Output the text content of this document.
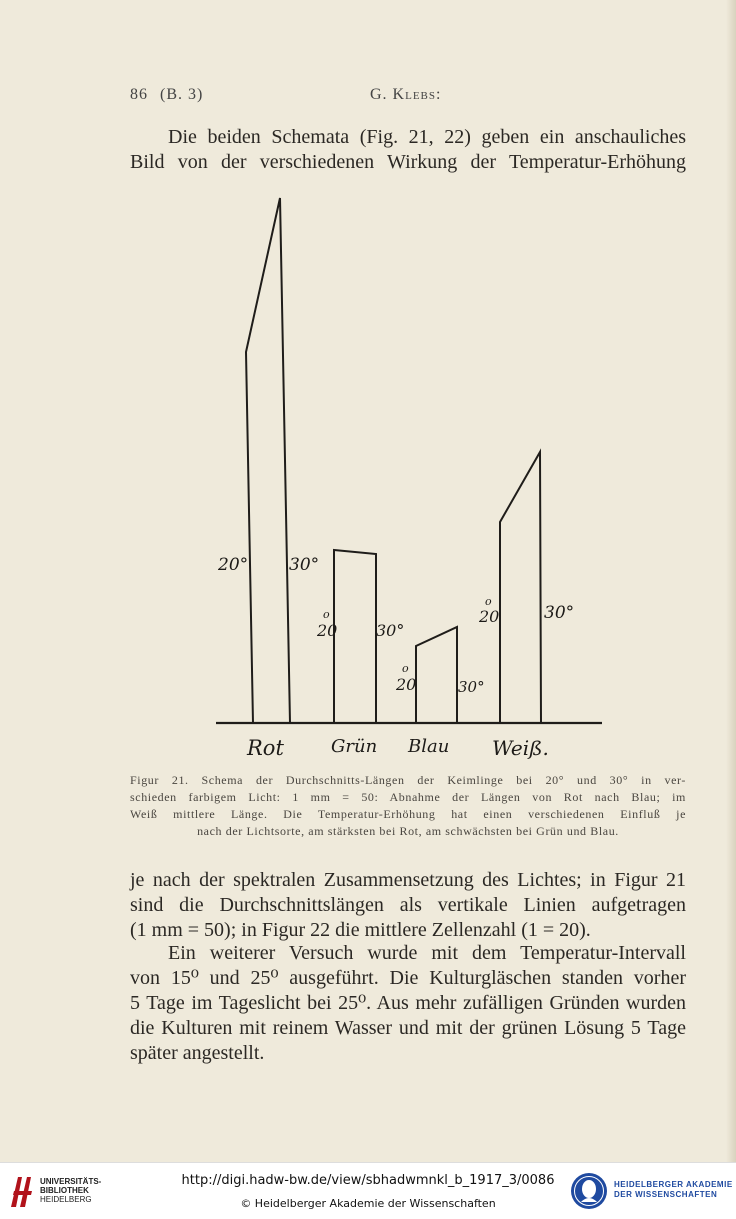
86 (B. 3)	G. Klebs:
Die beiden Schemata (Fig. 21, 22) geben ein anschauliches
Bild von der verschiedenen Wirkung der Temperatur-Erhöhung
20° 30°
o
20 30°
o
20	30°
o
20	30°
Rot	Grün Blau Weiß.
Figur 21. Schema der Durchschnitts-Längen der Keimlinge bei 20° und 30° in ver-
schieden farbigem Licht: 1 mm = 50: Abnahme der Längen von Rot nach Blau; im
Weiß mittlere Länge. Die Temperatur-Erhöhung hat einen verschiedenen Einfluß je
nach der Lichtsorte, am stärksten bei Rot, am schwächsten bei Grün und Blau.
je nach der spektralen Zusammensetzung des Lichtes; in Figur 21
sind die Durchschnittslängen als vertikale Linien aufgetragen
(1 mm = 50); in Figur 22 die mittlere Zellenzahl (1 = 20).
Ein weiterer Versuch wurde mit dem Temperatur-Intervall
von 15⁰ und 25⁰ ausgeführt. Die Kulturgläschen standen vorher
5 Tage im Tageslicht bei 25⁰. Aus mehr zufälligen Gründen wurden
die Kulturen mit reinem Wasser und mit der grünen Lösung 5 Tage
später angestellt.
UNIVERSITÄTS-
BIBLIOTHEK
HEIDELBERG
http://digi.hadw-bw.de/view/sbhadwmnkl_b_1917_3/0086
© Heidelberger Akademie der Wissenschaften
HEIDELBERGER AKADEMIE
DER WISSENSCHAFTEN
